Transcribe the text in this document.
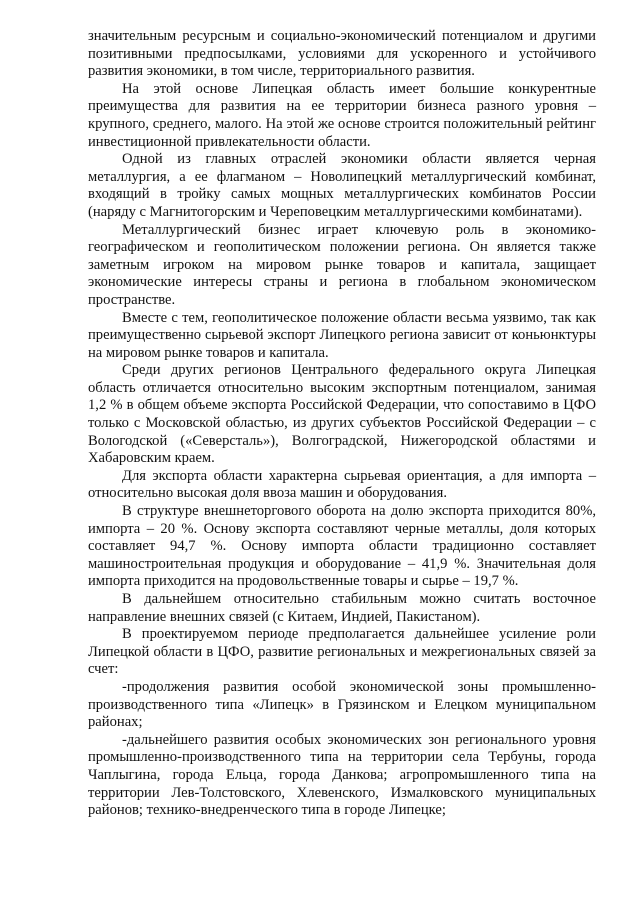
значительным ресурсным и социально-экономический потенциалом и другими позитивными предпосылками, условиями для ускоренного и устойчивого развития экономики, в том числе, территориального развития.

На этой основе Липецкая область имеет большие конкурентные преимущества для развития на ее территории бизнеса разного уровня – крупного, среднего, малого. На этой же основе строится положительный рейтинг инвестиционной привлекательности области.

Одной из главных отраслей экономики области является черная металлургия, а ее флагманом – Новолипецкий металлургический комбинат, входящий в тройку самых мощных металлургических комбинатов России (наряду с Магнитогорским и Череповецким металлургическими комбинатами).

Металлургический бизнес играет ключевую роль в экономико-географическом и геополитическом положении региона. Он является также заметным игроком на мировом рынке товаров и капитала, защищает экономические интересы страны и региона в глобальном экономическом пространстве.

Вместе с тем, геополитическое положение области весьма уязвимо, так как преимущественно сырьевой экспорт Липецкого региона зависит от коньюнктуры на мировом рынке товаров и капитала.

Среди других регионов Центрального федерального округа Липецкая область отличается относительно высоким экспортным потенциалом, занимая 1,2 % в общем объеме экспорта Российской Федерации, что сопоставимо в ЦФО только с Московской областью, из других субъектов Российской Федерации – с Вологодской («Северсталь»), Волгоградской, Нижегородской областями и Хабаровским краем.

Для экспорта области характерна сырьевая ориентация, а для импорта – относительно высокая доля ввоза машин и оборудования.

В структуре внешнеторгового оборота на долю экспорта приходится 80%, импорта – 20 %. Основу экспорта составляют черные металлы, доля которых составляет 94,7 %. Основу импорта области традиционно составляет машиностроительная продукция и оборудование – 41,9 %. Значительная доля импорта приходится на продовольственные товары и сырье – 19,7 %.

В дальнейшем относительно стабильным можно считать восточное направление внешних связей (с Китаем, Индией, Пакистаном).

В проектируемом периоде предполагается дальнейшее усиление роли Липецкой области в ЦФО, развитие региональных и межрегиональных связей за счет:

-продолжения развития особой экономической зоны промышленно-производственного типа «Липецк» в Грязинском и Елецком муниципальном районах;

-дальнейшего развития особых экономических зон регионального уровня промышленно-производственного типа на территории села Тербуны, города Чаплыгина, города Ельца, города Данкова; агропромышленного типа на территории Лев-Толстовского, Хлевенского, Измалковского муниципальных районов; технико-внедренческого типа в городе Липецке;
